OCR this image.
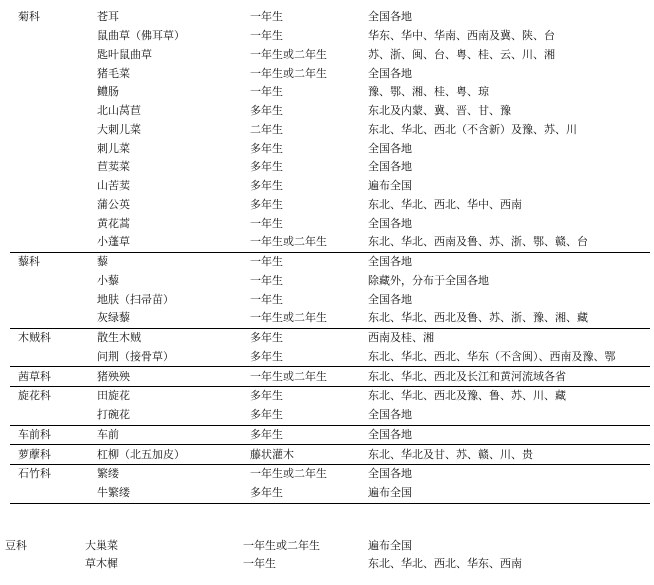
菊科	苍耳	一年生	全国各地
	鼠曲草（佛耳草）	一年生	华东、华中、华南、西南及冀、陕、台
	匙叶鼠曲草	一年生或二年生	苏、浙、闽、台、粤、桂、云、川、湘
	猪毛菜	一年生或二年生	全国各地
	鳢肠	一年生	豫、鄂、湘、桂、粤、琼
	北山莴苣	多年生	东北及内蒙、冀、晋、甘、豫
	大刺儿菜	二年生	东北、华北、西北（不含新）及豫、苏、川
	刺儿菜	多年生	全国各地
	苣荬菜	多年生	全国各地
	山苦荬	多年生	遍布全国
	蒲公英	多年生	东北、华北、西北、华中、西南
	黄花蒿	一年生	全国各地
	小蓬草	一年生或二年生	东北、华北、西南及鲁、苏、浙、鄂、赣、台
藜科	藜	一年生	全国各地
	小藜	一年生	除藏外，分布于全国各地
	地肤（扫帚苗）	一年生	全国各地
	灰绿藜	一年生或二年生	东北、华北、西北及鲁、苏、浙、豫、湘、藏
木贼科	散生木贼	多年生	西南及桂、湘
	问荆（接骨草）	多年生	东北、华北、西北、华东（不含闽）、西南及豫、鄂
茜草科	猪殃殃	一年生或二年生	东北、华北、西北及长江和黄河流域各省
旋花科	田旋花	多年生	东北、华北、西北及豫、鲁、苏、川、藏
	打碗花	多年生	全国各地
车前科	车前	多年生	全国各地
萝藦科	杠柳（北五加皮）	藤状灌木	东北、华北及甘、苏、赣、川、贵
石竹科	繁缕	一年生或二年生	全国各地
	牛繁缕	多年生	遍布全国
豆科	大巢菜	一年生或二年生	遍布全国
	草木樨	一年生	东北、华北、西北、华东、西南
